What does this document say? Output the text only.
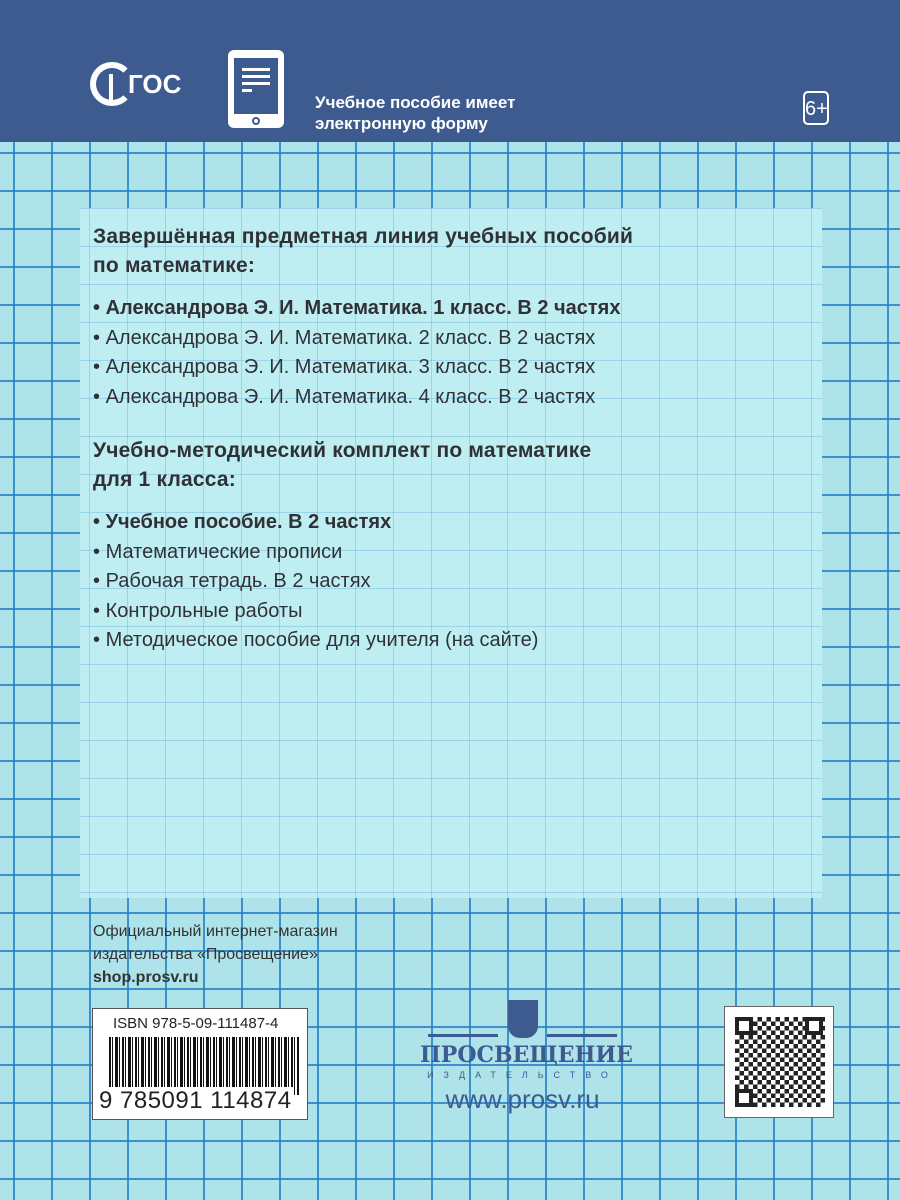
ГОС
Учебное пособие имеет
электронную форму
6+
Завершённая предметная линия учебных пособий
по математике:
• Александрова Э. И. Математика. 1 класс. В 2 частях
• Александрова Э. И. Математика. 2 класс. В 2 частях
• Александрова Э. И. Математика. 3 класс. В 2 частях
• Александрова Э. И. Математика. 4 класс. В 2 частях
Учебно-методический комплект по математике
для 1 класса:
• Учебное пособие. В 2 частях
• Математические прописи
• Рабочая тетрадь. В 2 частях
• Контрольные работы
• Методическое пособие для учителя (на сайте)
Официальный интернет-магазин
издательства «Просвещение»
shop.prosv.ru
ISBN 978-5-09-111487-4
9 785091 114874
ПРОСВЕЩЕНИЕ
ИЗДАТЕЛЬСТВО
www.prosv.ru
